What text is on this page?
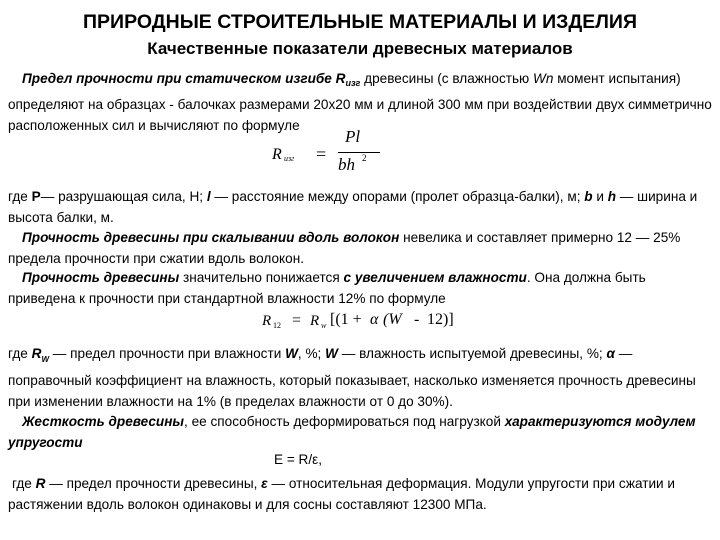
ПРИРОДНЫЕ СТРОИТЕЛЬНЫЕ МАТЕРИАЛЫ И ИЗДЕЛИЯ
Качественные показатели древесных материалов

Предел прочности при статическом изгибе $R_{изг}$ древесины (с влажностью Wn момент испытания) определяют на образцах - балочках размерами 20х20 мм и длиной 300 мм при воздействии двух симметрично расположенных сил и вычисляют по формуле

R изг =
Pl
bh 2

где P— разрушающая сила, Н; l — расстояние между опорами (пролет образца-балки), м; b и h — ширина и высота балки, м.

Прочность древесины при скалывании вдоль волокон невелика и составляет примерно 12 — 25% предела прочности при сжатии вдоль волокон.

Прочность древесины значительно понижается с увеличением влажности. Она должна быть приведена к прочности при стандартной влажности 12% по формуле

R 12 = R w [(1 + α (W - 12)]

где $R_W$ — предел прочности при влажности W, %; W — влажность испытуемой древесины, %; α — поправочный коэффициент на влажность, который показывает, насколько изменяется прочность древесины при изменении влажности на 1% (в пределах влажности от 0 до 30%).

Жесткость древесины, ее способность деформироваться под нагрузкой характеризуются модулем упругости

E = R/ε,

где R — предел прочности древесины, ε — относительная деформация. Модули упругости при сжатии и растяжении вдоль волокон одинаковы и для сосны составляют 12300 МПа.
